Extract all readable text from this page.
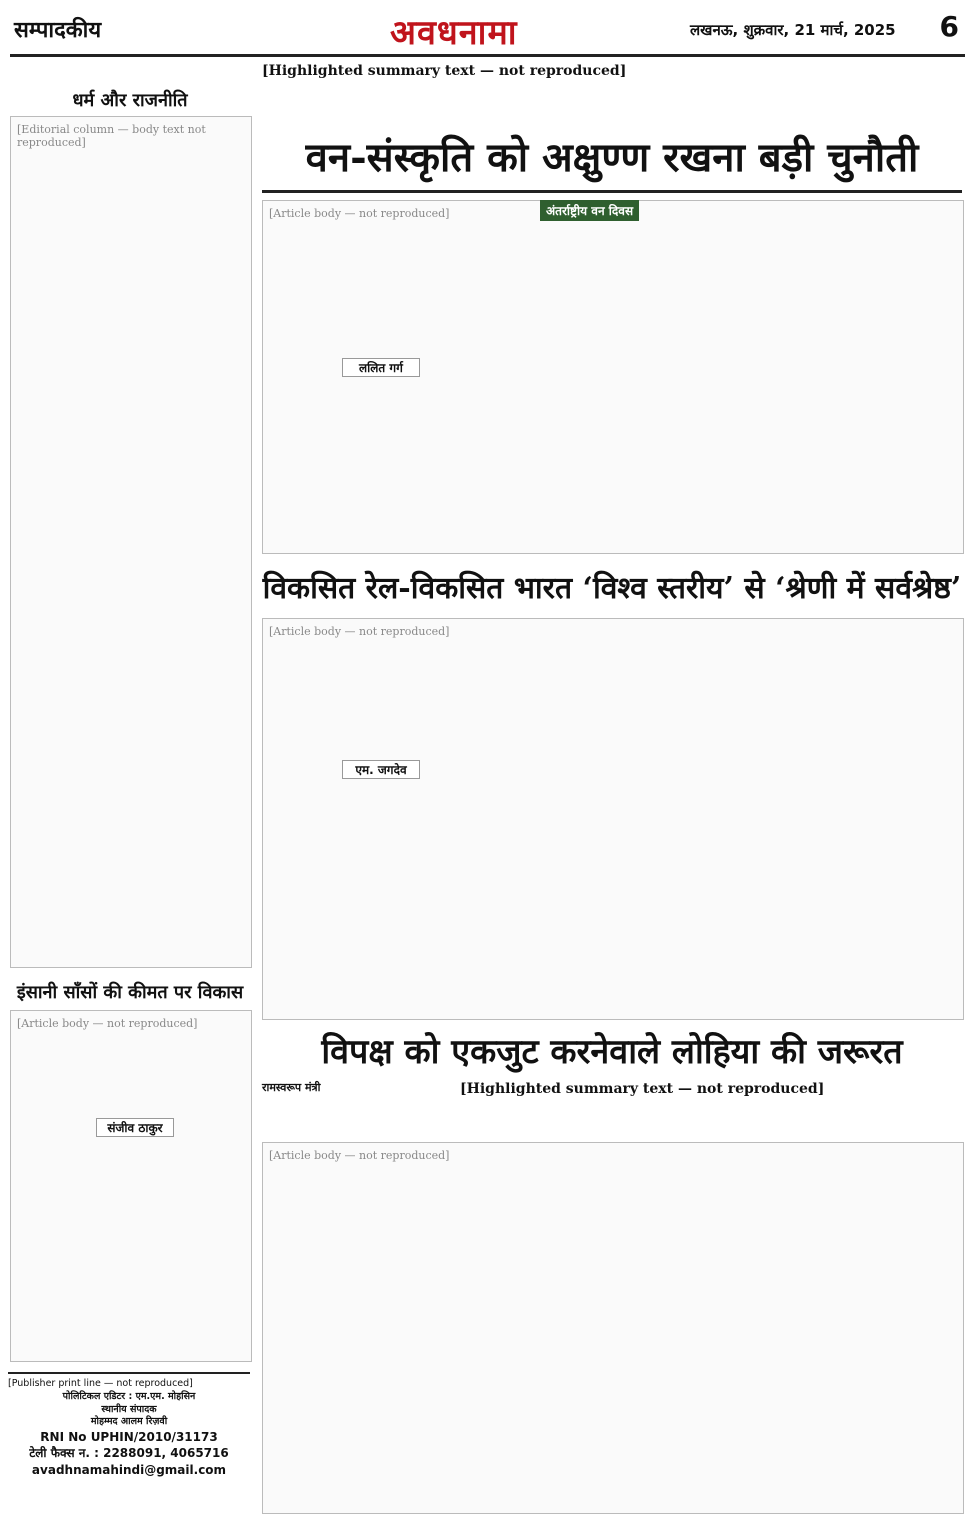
सम्पादकीय	अवधनामा	लखनऊ, शुक्रवार, 21 मार्च, 2025 6
धर्म और राजनीति
[Editorial column — body text not reproduced]
[Highlighted summary text — not reproduced]
वन-संस्कृति को अक्षुण्ण रखना बड़ी चुनौती
[Article body — not reproduced]	अंतर्राष्ट्रीय वन दिवस
ललित गर्ग
विकसित रेल-विकसित भारत ‘विश्व स्तरीय’ से ‘श्रेणी में सर्वश्रेष्ठ’
[Article body — not reproduced]
एम. जगदेव
इंसानी साँसों की कीमत पर विकास
[Article body — not reproduced]
संजीव ठाकुर
विपक्ष को एकजुट करनेवाले लोहिया की जरूरत
रामस्वरूप मंत्री	[Highlighted summary text — not reproduced]
[Article body — not reproduced]
[Publisher print line — not reproduced]
पोलिटिकल एडिटर : एम.एम. मोहसिन
स्थानीय संपादक
मोहम्मद आलम रिज़वी
RNI No UPHIN/2010/31173
टेली फैक्स न. : 2288091, 4065716
avadhnamahindi@gmail.com
